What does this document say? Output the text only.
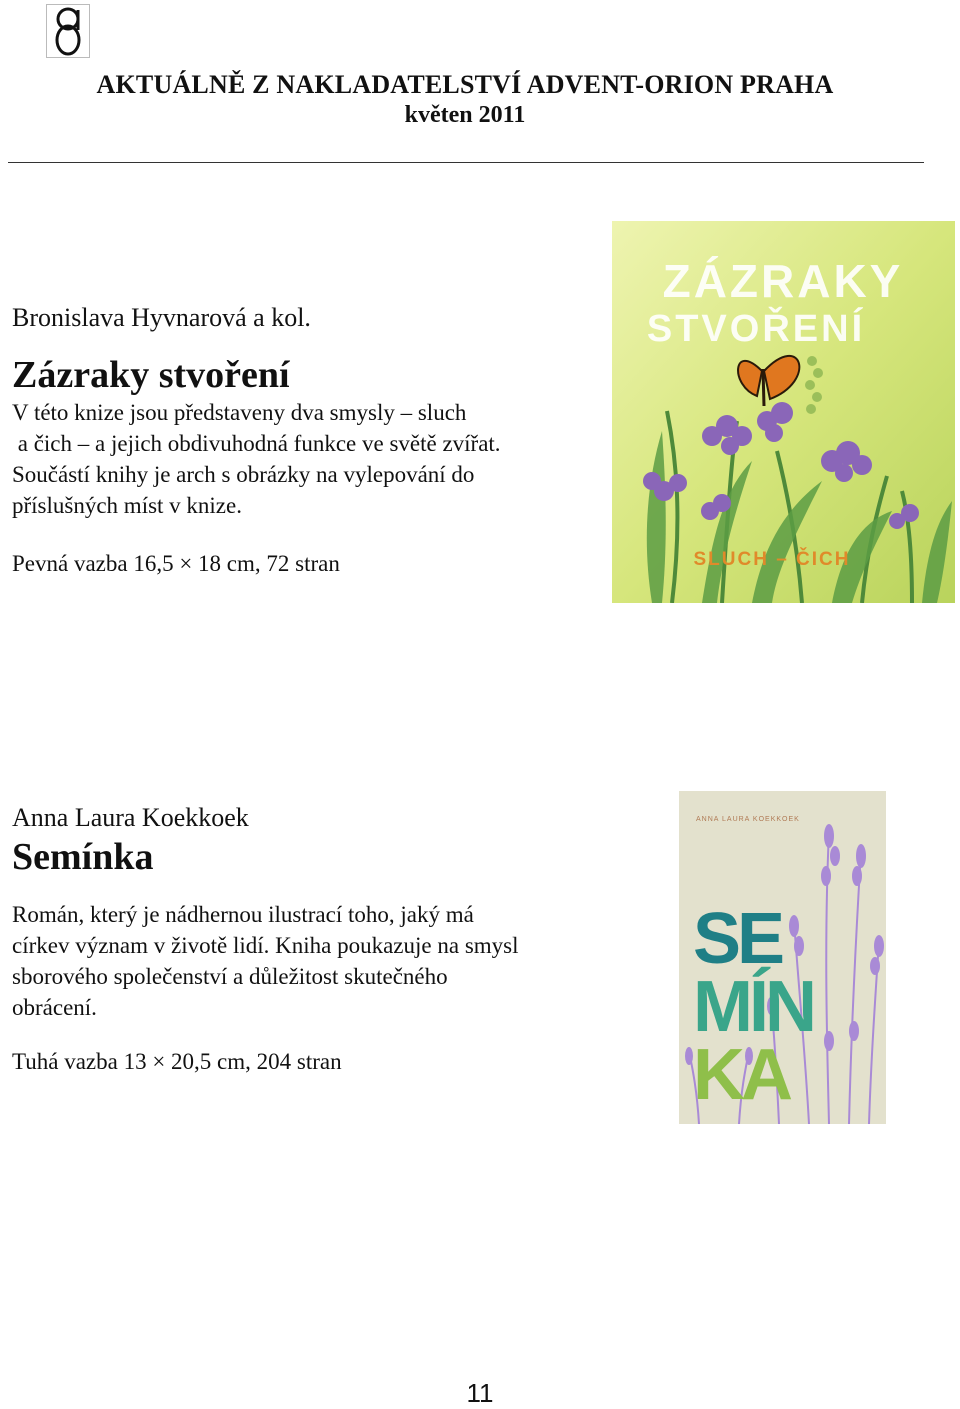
AKTUÁLNĚ Z NAKLADATELSTVÍ ADVENT-ORION PRAHA
květen 2011

Bronislava Hyvnarová a kol.

Zázraky stvoření

V této knize jsou představeny dva smysly – sluch

a čich – a jejich obdivuhodná funkce ve světě zvířat.

Součástí knihy je arch s obrázky na vylepování do

příslušných míst v knize.

Pevná vazba 16,5 × 18 cm, 72 stran

ZÁZRAKY
STVOŘENÍ
SLUCH – ČICH

Anna Laura Koekkoek

Semínka

Román, který je nádhernou ilustrací toho, jaký má

církev význam v životě lidí. Kniha poukazuje na smysl

sborového společenství a důležitost skutečného

obrácení.

Tuhá vazba 13 × 20,5 cm, 204 stran

ANNA LAURA KOEKKOEK
SE
MÍN
KA
11
